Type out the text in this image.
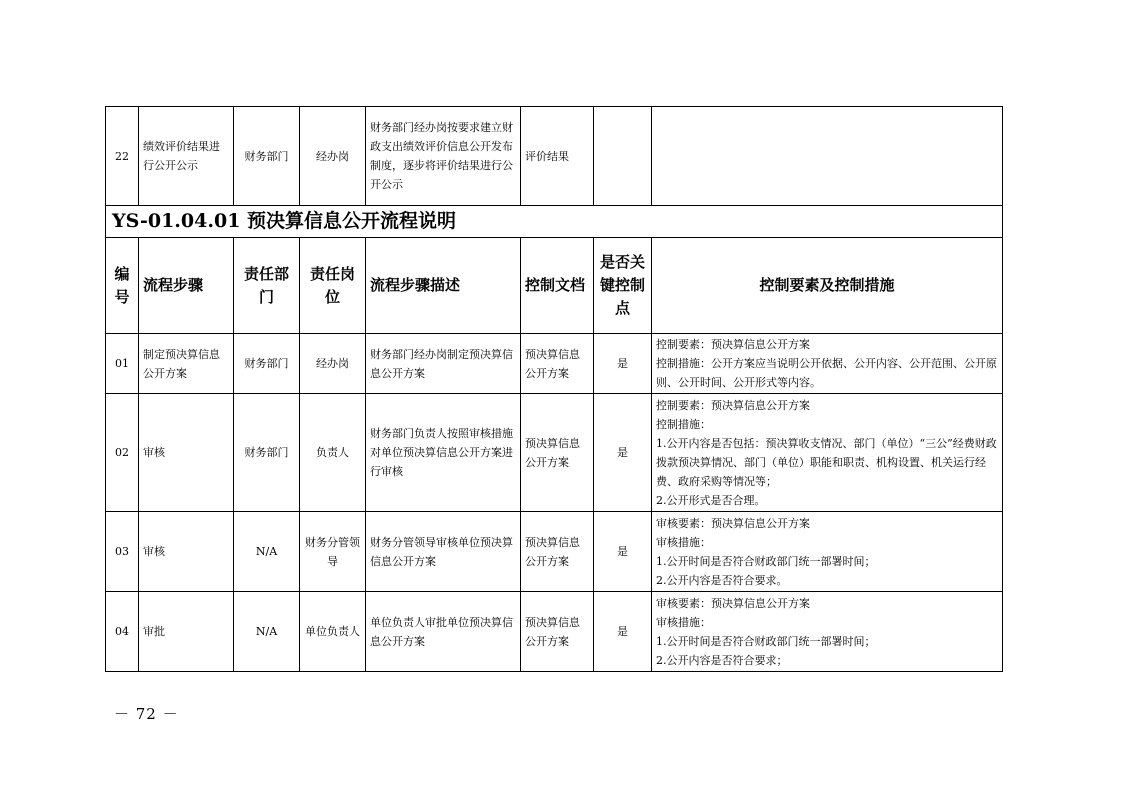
22	绩效评价结果进行公开公示	财务部门	经办岗	财务部门经办岗按要求建立财政支出绩效评价信息公开发布制度，逐步将评价结果进行公开公示	评价结果		
YS-01.04.01 预决算信息公开流程说明							
编号	流程步骤	责任部门	责任岗位	流程步骤描述	控制文档	是否关键控制点	控制要素及控制措施
01	制定预决算信息公开方案	财务部门	经办岗	财务部门经办岗制定预决算信息公开方案	预决算信息公开方案	是	控制要素：预决算信息公开方案
控制措施：公开方案应当说明公开依据、公开内容、公开范围、公开原则、公开时间、公开形式等内容。

02	审核	财务部门	负责人	财务部门负责人按照审核措施对单位预决算信息公开方案进行审核	预决算信息公开方案	是	控制要素：预决算信息公开方案
控制措施：
1.公开内容是否包括：预决算收支情况、部门（单位）“三公”经费财政拨款预决算情况、部门（单位）职能和职责、机构设置、机关运行经费、政府采购等情况等；
2.公开形式是否合理。

03	审核	N/A	财务分管领导	财务分管领导审核单位预决算信息公开方案	预决算信息公开方案	是	审核要素：预决算信息公开方案
审核措施：
1.公开时间是否符合财政部门统一部署时间；
2.公开内容是否符合要求。

04	审批	N/A	单位负责人	单位负责人审批单位预决算信息公开方案	预决算信息公开方案	是	审核要素：预决算信息公开方案
审核措施：
1.公开时间是否符合财政部门统一部署时间；
2.公开内容是否符合要求；
－ 72 －
